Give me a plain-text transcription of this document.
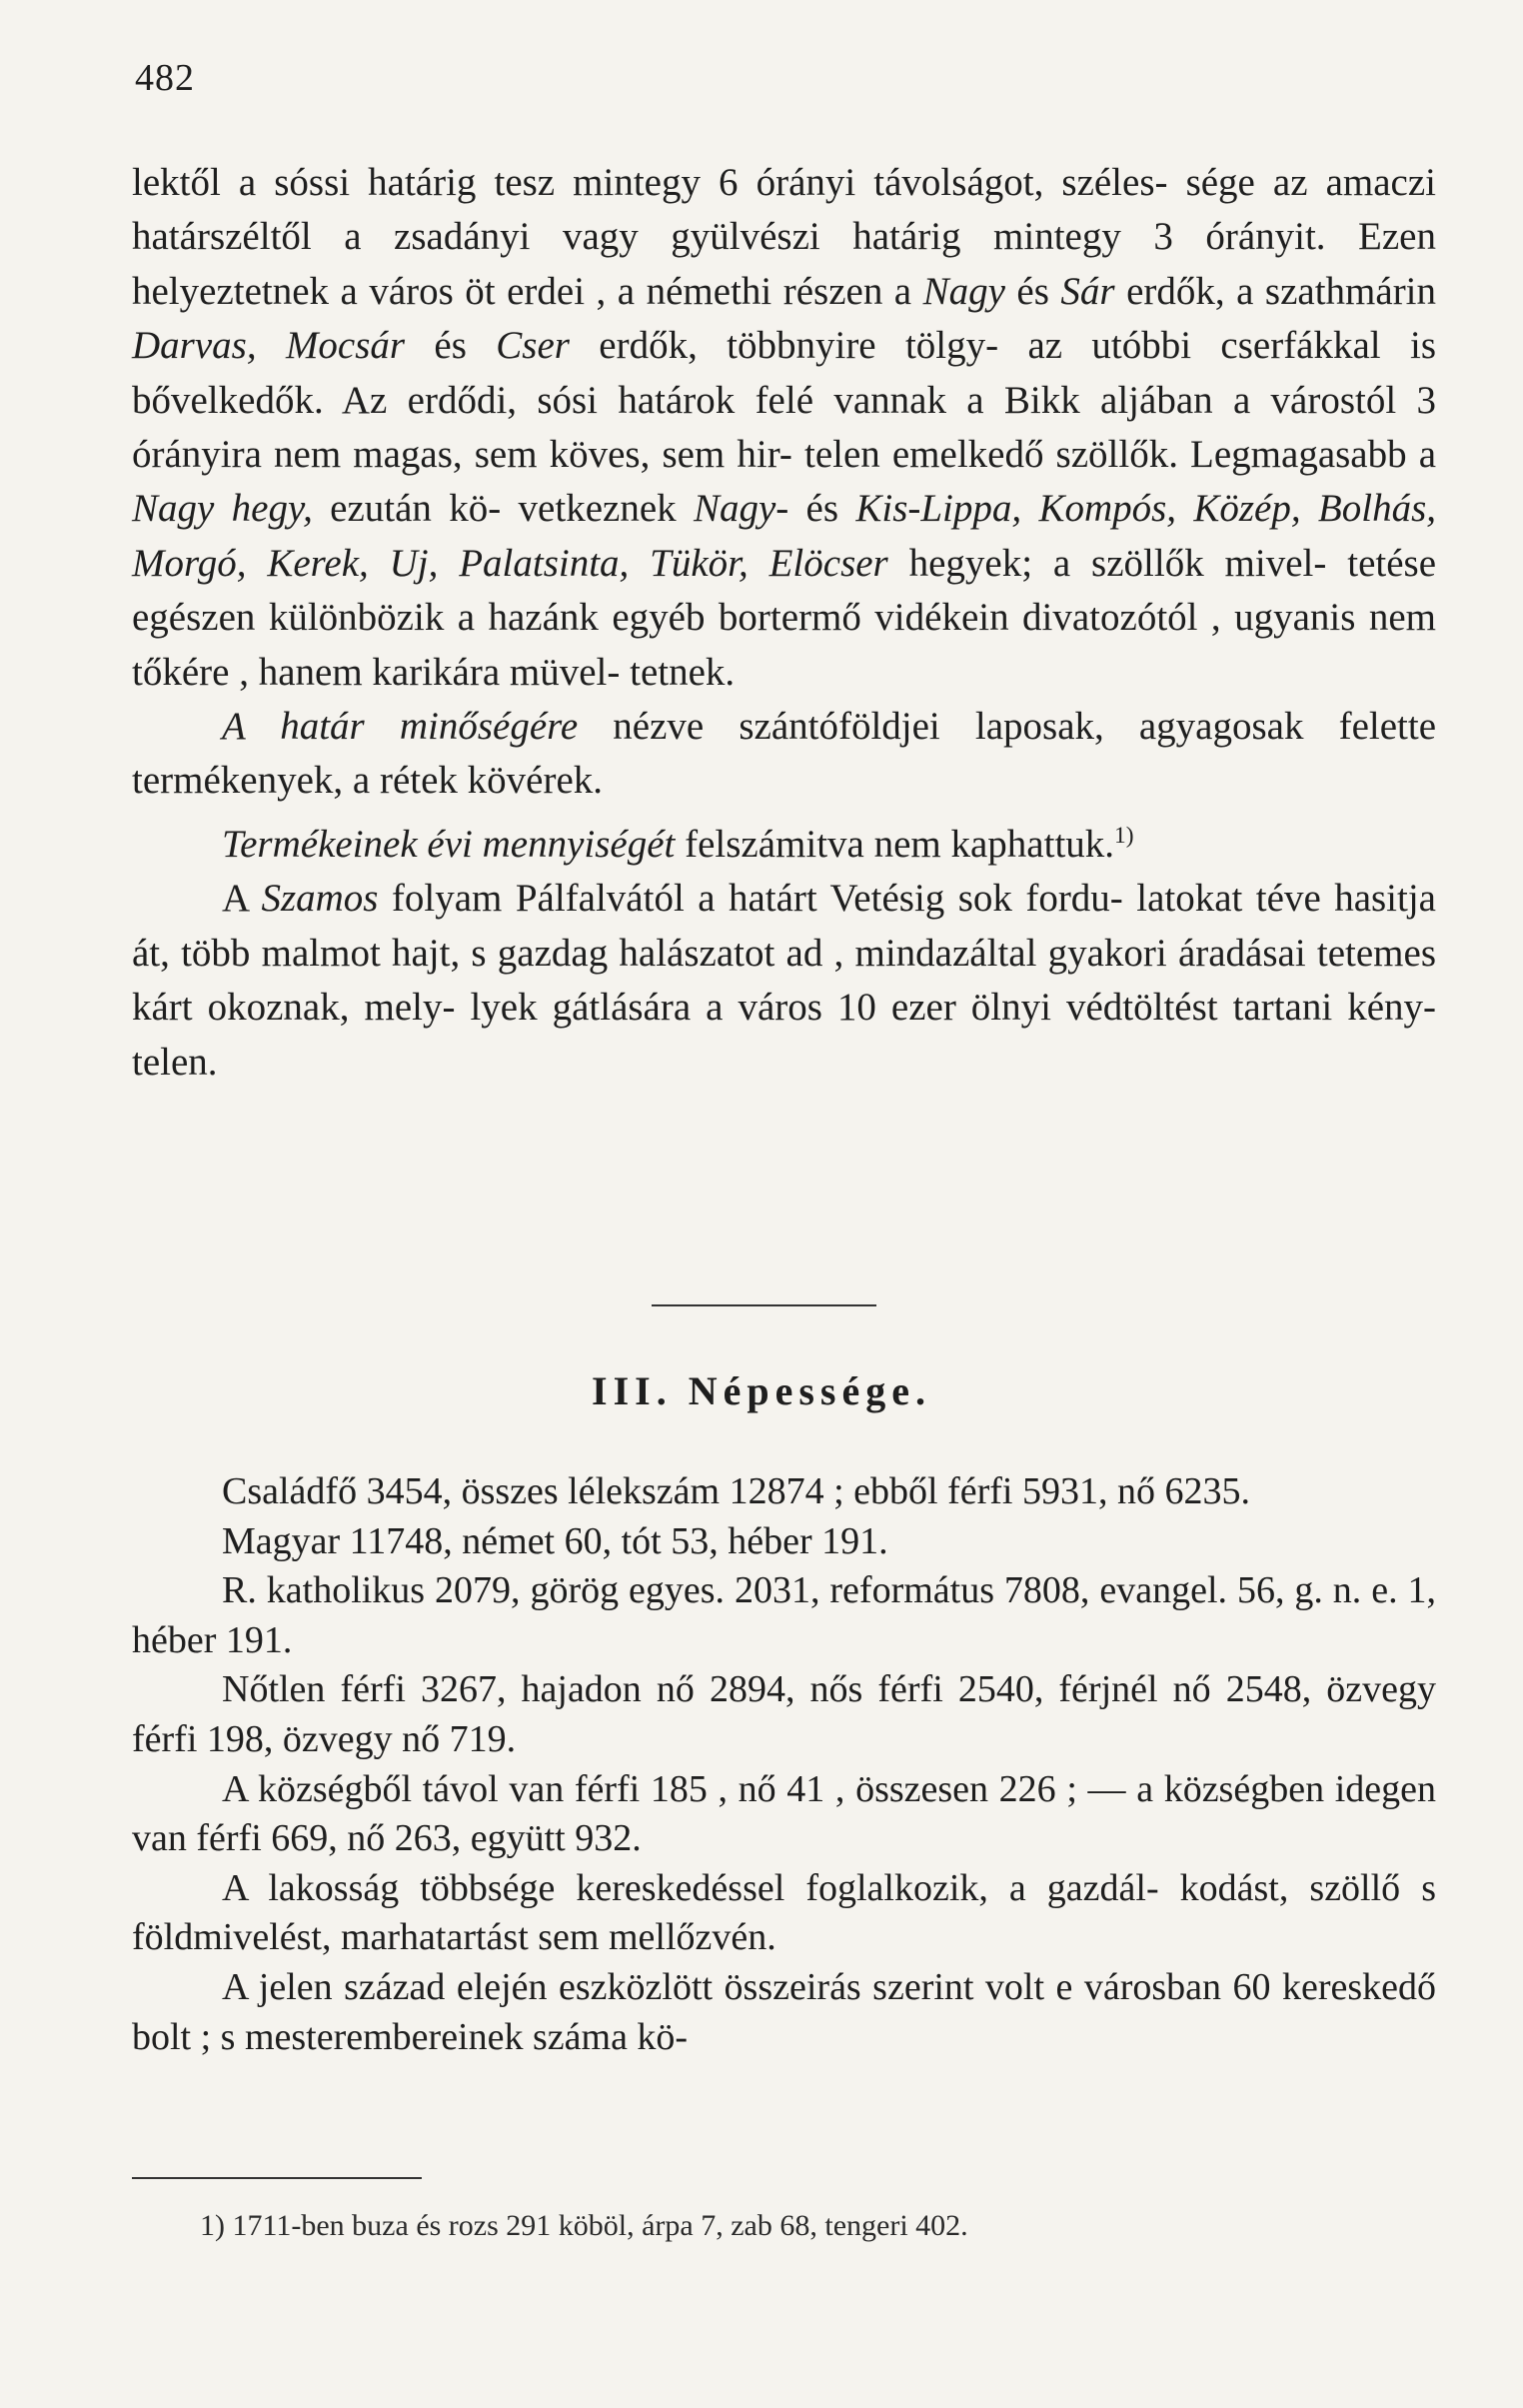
482

lektől a sóssi határig tesz mintegy 6 órányi távolságot, széles- sége az amaczi határszéltől a zsadányi vagy gyülvészi határig mintegy 3 órányit. Ezen helyeztetnek a város öt erdei , a némethi részen a Nagy és Sár erdők, a szathmárin Darvas, Mocsár és Cser erdők, többnyire tölgy- az utóbbi cserfákkal is bővelkedők. Az erdődi, sósi határok felé vannak a Bikk aljában a várostól 3 órányira nem magas, sem köves, sem hir- telen emelkedő szöllők. Legmagasabb a Nagy hegy, ezután kö- vetkeznek Nagy- és Kis-Lippa, Kompós, Közép, Bolhás, Morgó, Kerek, Uj, Palatsinta, Tükör, Elöcser hegyek; a szöllők mivel- tetése egészen különbözik a hazánk egyéb bortermő vidékein divatozótól , ugyanis nem tőkére , hanem karikára müvel- tetnek.

A határ minőségére nézve szántóföldjei laposak, agyagosak felette termékenyek, a rétek kövérek.

Termékeinek évi mennyiségét felszámitva nem kaphattuk.$^{1)}$

A Szamos folyam Pálfalvától a határt Vetésig sok fordu- latokat téve hasitja át, több malmot hajt, s gazdag halászatot ad , mindazáltal gyakori áradásai tetemes kárt okoznak, mely- lyek gátlására a város 10 ezer ölnyi védtöltést tartani kény- telen.

III. Népessége.

Családfő 3454, összes lélekszám 12874 ; ebből férfi 5931, nő 6235.

Magyar 11748, német 60, tót 53, héber 191.

R. katholikus 2079, görög egyes. 2031, református 7808, evangel. 56, g. n. e. 1, héber 191.

Nőtlen férfi 3267, hajadon nő 2894, nős férfi 2540, férjnél nő 2548, özvegy férfi 198, özvegy nő 719.

A községből távol van férfi 185 , nő 41 , összesen 226 ; — a községben idegen van férfi 669, nő 263, együtt 932.

A lakosság többsége kereskedéssel foglalkozik, a gazdál- kodást, szöllő s földmivelést, marhatartást sem mellőzvén.

A jelen század elején eszközlött összeirás szerint volt e városban 60 kereskedő bolt ; s mesterembereinek száma kö-

1) 1711-ben buza és rozs 291 köböl, árpa 7, zab 68, tengeri 402.
